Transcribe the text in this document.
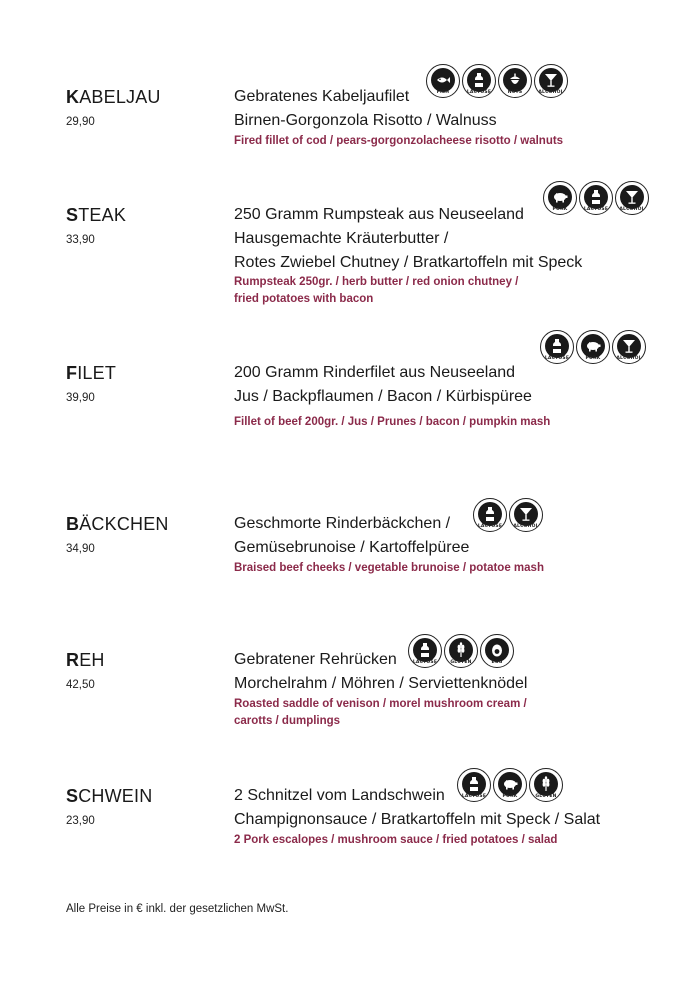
KABELJAU
29,90
Gebratenes Kabeljaufilet
Birnen-Gorgonzola Risotto / Walnuss
Fired fillet of cod / pears-gorgonzolacheese risotto / walnuts
FISH	LACTOSE	NUTS	ALCOHOL
STEAK
33,90
250 Gramm Rumpsteak aus Neuseeland
Hausgemachte Kräuterbutter /
Rotes Zwiebel Chutney / Bratkartoffeln mit Speck
Rumpsteak 250gr. / herb butter / red onion chutney /
fried potatoes with bacon
PORK	LACTOSE	ALCOHOL
FILET
39,90
200 Gramm Rinderfilet aus Neuseeland
Jus / Backpflaumen / Bacon / Kürbispüree
Fillet of beef 200gr. / Jus / Prunes / bacon / pumpkin mash
LACTOSE	PORK	ALCOHOL
BÄCKCHEN
34,90
Geschmorte Rinderbäckchen /
Gemüsebrunoise / Kartoffelpüree
Braised beef cheeks / vegetable brunoise / potatoe mash
LACTOSE	ALCOHOL
REH
42,50
Gebratener Rehrücken
Morchelrahm / Möhren / Serviettenknödel
Roasted saddle of venison / morel mushroom cream /
carotts / dumplings
LACTOSE	GLUTEN	EGG
SCHWEIN
23,90
2 Schnitzel vom Landschwein
Champignonsauce / Bratkartoffeln mit Speck / Salat
2 Pork escalopes / mushroom sauce / fried potatoes / salad
LACTOSE	PORK	GLUTEN
Alle Preise in € inkl. der gesetzlichen MwSt.
